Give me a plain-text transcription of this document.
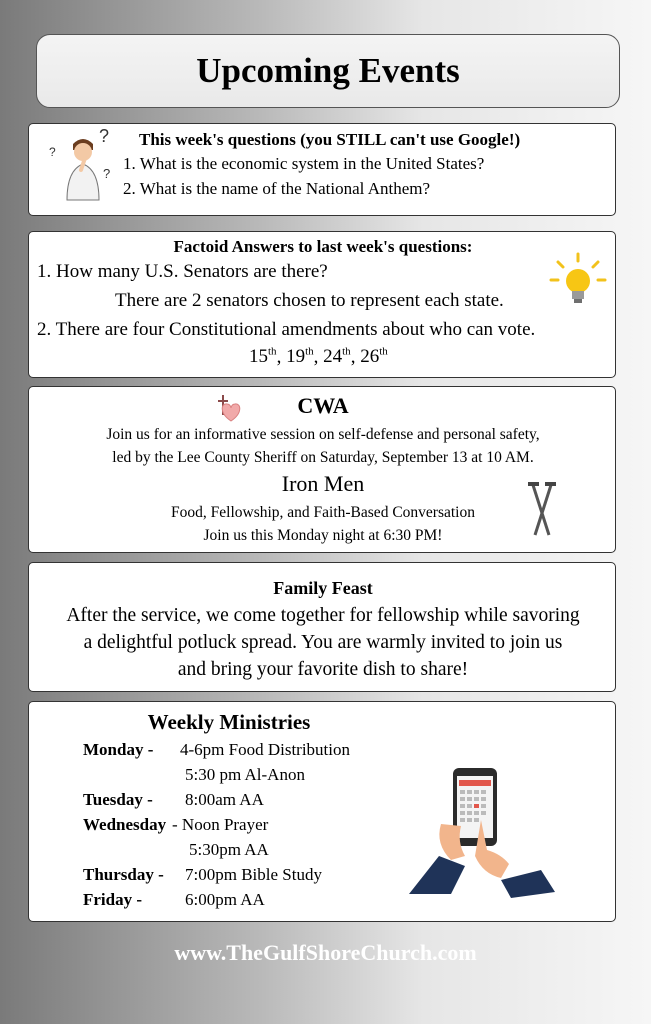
Upcoming Events
?
?
?
This week's questions (you STILL can't use Google!)
1. What is the economic system in the United States?
2. What is the name of the National Anthem?
Factoid Answers to last week's questions:
1. How many U.S. Senators are there?
There are 2 senators chosen to represent each state.
2. There are four Constitutional amendments about who can vote.
15th, 19th, 24th, 26th
CWA
Join us for an informative session on self-defense and personal safety,
led by the Lee County Sheriff on Saturday, September 13 at 10 AM.
Iron Men
Food, Fellowship, and Faith-Based Conversation
Join us this Monday night at 6:30 PM!
Family Feast
After the service, we come together for fellowship while savoring
a delightful potluck spread. You are warmly invited to join us
and bring your favorite dish to share!
Weekly Ministries
Monday - 4-6pm Food Distribution
5:30 pm Al-Anon
Tuesday - 8:00am AA
Wednesday - Noon Prayer
5:30pm AA
Thursday - 7:00pm Bible Study
Friday -	6:00pm AA
www.TheGulfShoreChurch.com
